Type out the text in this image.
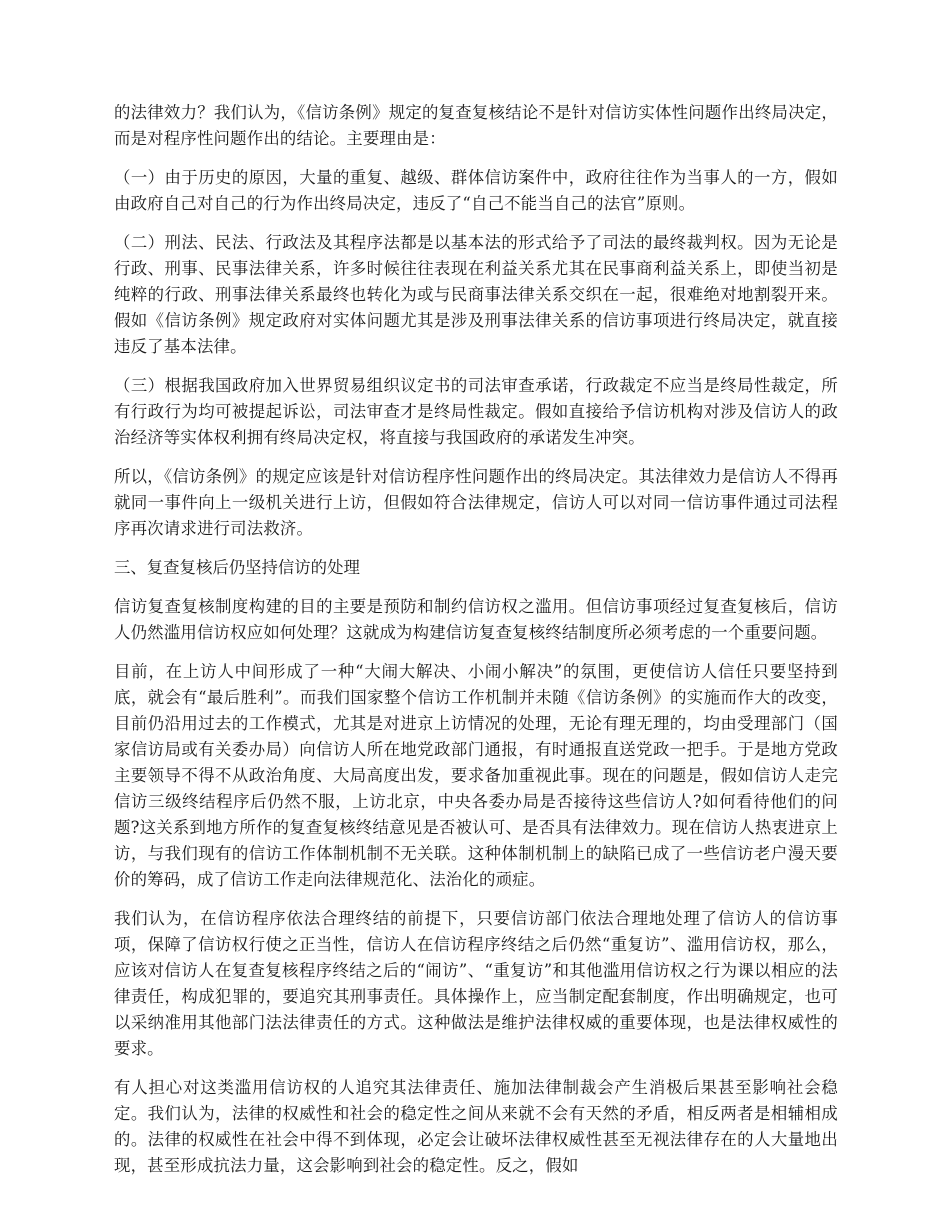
的法律效力？我们认为，《信访条例》规定的复查复核结论不是针对信访实体性问题作出终局决定，而是对程序性问题作出的结论。主要理由是：

（一）由于历史的原因，大量的重复、越级、群体信访案件中，政府往往作为当事人的一方，假如由政府自己对自己的行为作出终局决定，违反了“自己不能当自己的法官”原则。

（二）刑法、民法、行政法及其程序法都是以基本法的形式给予了司法的最终裁判权。因为无论是行政、刑事、民事法律关系，许多时候往往表现在利益关系尤其在民事商利益关系上，即使当初是纯粹的行政、刑事法律关系最终也转化为或与民商事法律关系交织在一起，很难绝对地割裂开来。假如《信访条例》规定政府对实体问题尤其是涉及刑事法律关系的信访事项进行终局决定，就直接违反了基本法律。

（三）根据我国政府加入世界贸易组织议定书的司法审查承诺，行政裁定不应当是终局性裁定，所有行政行为均可被提起诉讼，司法审查才是终局性裁定。假如直接给予信访机构对涉及信访人的政治经济等实体权利拥有终局决定权，将直接与我国政府的承诺发生冲突。

所以，《信访条例》的规定应该是针对信访程序性问题作出的终局决定。其法律效力是信访人不得再就同一事件向上一级机关进行上访，但假如符合法律规定，信访人可以对同一信访事件通过司法程序再次请求进行司法救济。

三、复查复核后仍坚持信访的处理

信访复查复核制度构建的目的主要是预防和制约信访权之滥用。但信访事项经过复查复核后，信访人仍然滥用信访权应如何处理？这就成为构建信访复查复核终结制度所必须考虑的一个重要问题。

目前，在上访人中间形成了一种“大闹大解决、小闹小解决”的氛围，更使信访人信任只要坚持到底，就会有“最后胜利”。而我们国家整个信访工作机制并未随《信访条例》的实施而作大的改变，目前仍沿用过去的工作模式，尤其是对进京上访情况的处理，无论有理无理的，均由受理部门（国家信访局或有关委办局）向信访人所在地党政部门通报，有时通报直送党政一把手。于是地方党政主要领导不得不从政治角度、大局高度出发，要求备加重视此事。现在的问题是，假如信访人走完信访三级终结程序后仍然不服，上访北京，中央各委办局是否接待这些信访人?如何看待他们的问题?这关系到地方所作的复查复核终结意见是否被认可、是否具有法律效力。现在信访人热衷进京上访，与我们现有的信访工作体制机制不无关联。这种体制机制上的缺陷已成了一些信访老户漫天要价的筹码，成了信访工作走向法律规范化、法治化的顽症。

我们认为，在信访程序依法合理终结的前提下，只要信访部门依法合理地处理了信访人的信访事项，保障了信访权行使之正当性，信访人在信访程序终结之后仍然“重复访”、滥用信访权，那么，应该对信访人在复查复核程序终结之后的“闹访”、“重复访”和其他滥用信访权之行为课以相应的法律责任，构成犯罪的，要追究其刑事责任。具体操作上，应当制定配套制度，作出明确规定，也可以采纳准用其他部门法法律责任的方式。这种做法是维护法律权威的重要体现，也是法律权威性的要求。

有人担心对这类滥用信访权的人追究其法律责任、施加法律制裁会产生消极后果甚至影响社会稳定。我们认为，法律的权威性和社会的稳定性之间从来就不会有天然的矛盾，相反两者是相辅相成的。法律的权威性在社会中得不到体现，必定会让破坏法律权威性甚至无视法律存在的人大量地出现，甚至形成抗法力量，这会影响到社会的稳定性。反之，假如
